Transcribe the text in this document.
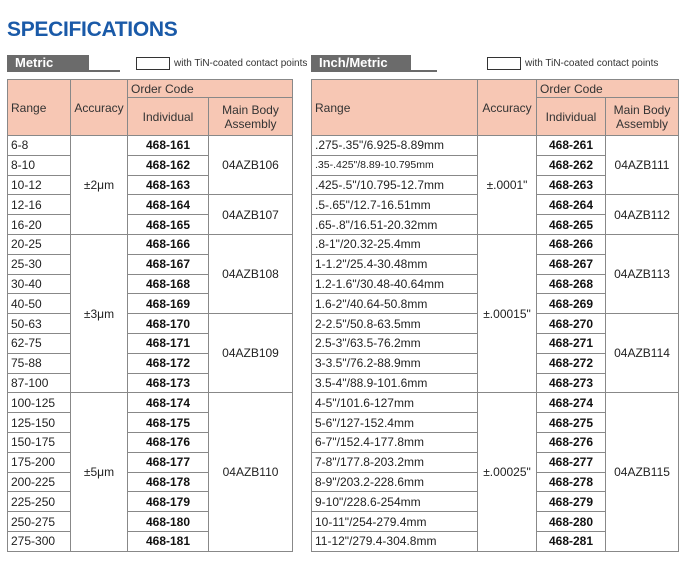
SPECIFICATIONS
Metric	with TiN-coated contact points Inch/Metric	with TiN-coated contact points
Range	Accuracy	Order Code	
		Individual	Main Body Assembly
6-8	±2μm	468-161	04AZB106
8-10		468-162	
10-12		468-163	
12-16		468-164	04AZB107
16-20		468-165	
20-25	±3μm	468-166	04AZB108
25-30		468-167	
30-40		468-168	
40-50		468-169	
50-63		468-170	04AZB109
62-75		468-171	
75-88		468-172	
87-100		468-173	
100-125	±5μm	468-174	04AZB110
125-150		468-175	
150-175		468-176	
175-200		468-177	
200-225		468-178	
225-250		468-179	
250-275		468-180	
275-300		468-181	
Range	Accuracy	Order Code	
		Individual	Main Body Assembly
.275-.35"/6.925-8.89mm	±.0001"	468-261	04AZB111
.35-.425"/8.89-10.795mm		468-262	
.425-.5"/10.795-12.7mm		468-263	
.5-.65"/12.7-16.51mm		468-264	04AZB112
.65-.8"/16.51-20.32mm		468-265	
.8-1"/20.32-25.4mm	±.00015"	468-266	04AZB113
1-1.2"/25.4-30.48mm		468-267	
1.2-1.6"/30.48-40.64mm		468-268	
1.6-2"/40.64-50.8mm		468-269	
2-2.5"/50.8-63.5mm		468-270	04AZB114
2.5-3"/63.5-76.2mm		468-271	
3-3.5"/76.2-88.9mm		468-272	
3.5-4"/88.9-101.6mm		468-273	
4-5"/101.6-127mm	±.00025"	468-274	04AZB115
5-6"/127-152.4mm		468-275	
6-7"/152.4-177.8mm		468-276	
7-8"/177.8-203.2mm		468-277	
8-9"/203.2-228.6mm		468-278	
9-10"/228.6-254mm		468-279	
10-11"/254-279.4mm		468-280	
11-12"/279.4-304.8mm		468-281	
